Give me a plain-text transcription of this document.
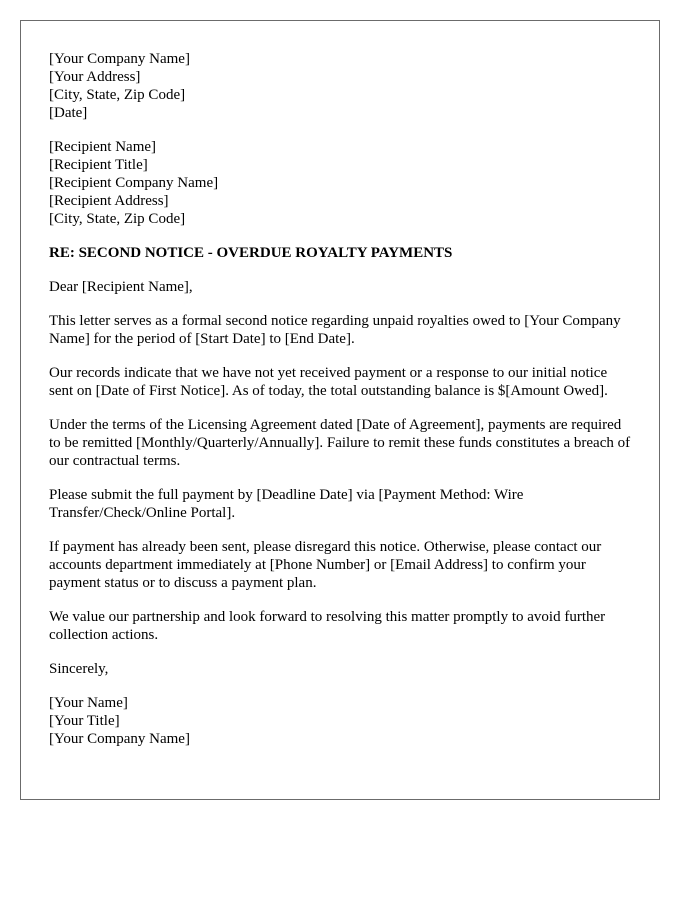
[Your Company Name]
[Your Address]
[City, State, Zip Code]
[Date]
[Recipient Name]
[Recipient Title]
[Recipient Company Name]
[Recipient Address]
[City, State, Zip Code]
RE: SECOND NOTICE - OVERDUE ROYALTY PAYMENTS

Dear [Recipient Name],

This letter serves as a formal second notice regarding unpaid royalties owed to [Your Company Name] for the period of [Start Date] to [End Date].

Our records indicate that we have not yet received payment or a response to our initial notice sent on [Date of First Notice]. As of today, the total outstanding balance is $[Amount Owed].

Under the terms of the Licensing Agreement dated [Date of Agreement], payments are required to be remitted [Monthly/Quarterly/Annually]. Failure to remit these funds constitutes a breach of our contractual terms.

Please submit the full payment by [Deadline Date] via [Payment Method: Wire Transfer/Check/Online Portal].

If payment has already been sent, please disregard this notice. Otherwise, please contact our accounts department immediately at [Phone Number] or [Email Address] to confirm your payment status or to discuss a payment plan.

We value our partnership and look forward to resolving this matter promptly to avoid further collection actions.

Sincerely,

[Your Name]
[Your Title]
[Your Company Name]
